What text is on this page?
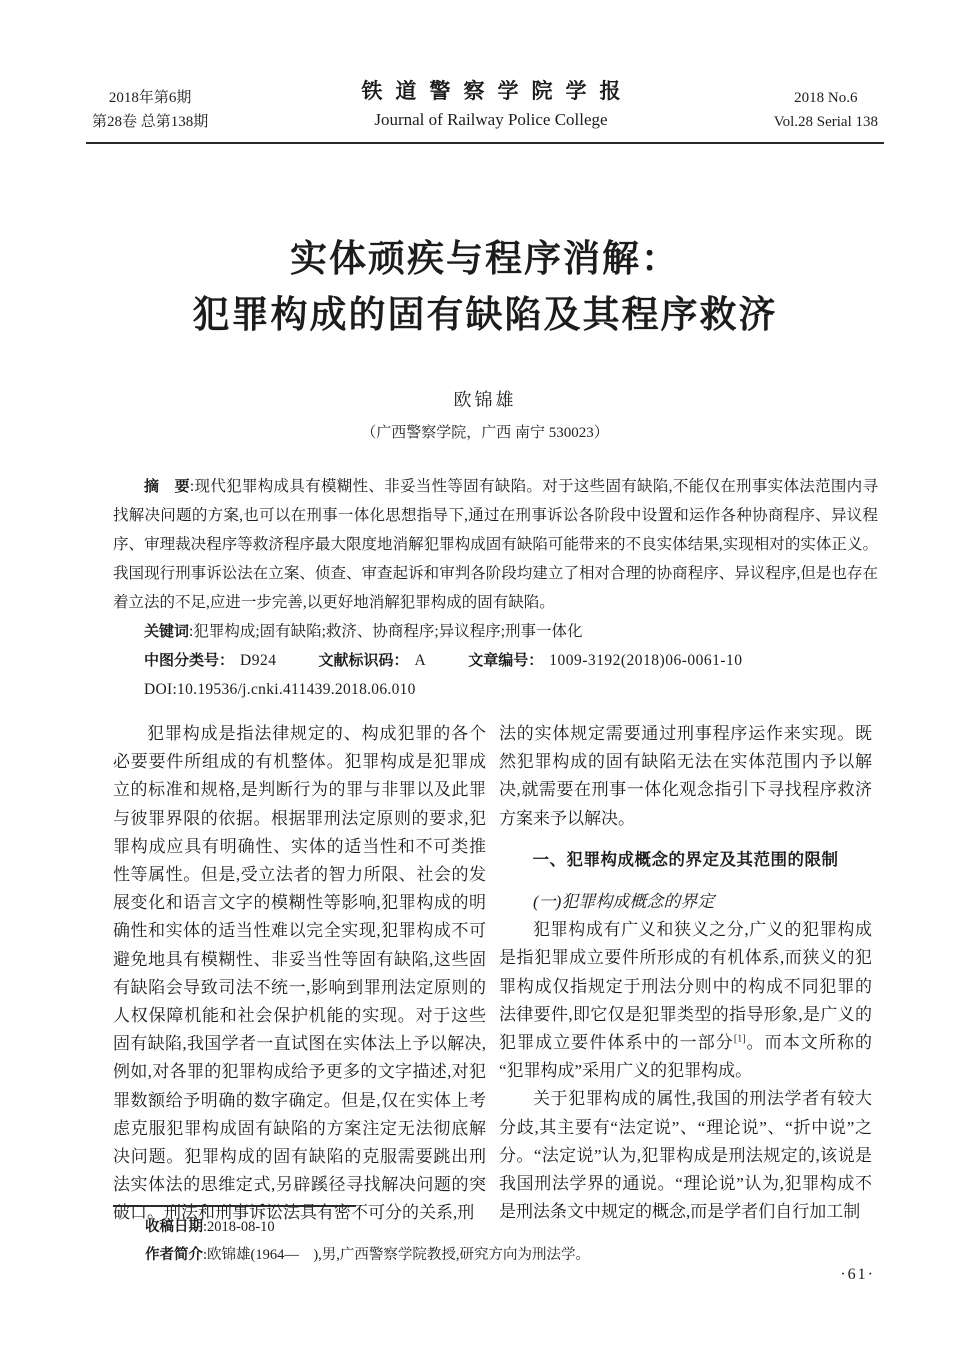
2018年第6期
第28卷 总第138期
铁道警察学院学报
Journal of Railway Police College
2018 No.6
Vol.28 Serial 138
实体顽疾与程序消解：
犯罪构成的固有缺陷及其程序救济
欧锦雄
（广西警察学院，广西 南宁 530023）

摘　要:现代犯罪构成具有模糊性、非妥当性等固有缺陷。对于这些固有缺陷,不能仅在刑事实体法范围内寻找解决问题的方案,也可以在刑事一体化思想指导下,通过在刑事诉讼各阶段中设置和运作各种协商程序、异议程序、审理裁决程序等救济程序最大限度地消解犯罪构成固有缺陷可能带来的不良实体结果,实现相对的实体正义。我国现行刑事诉讼法在立案、侦查、审查起诉和审判各阶段均建立了相对合理的协商程序、异议程序,但是也存在着立法的不足,应进一步完善,以更好地消解犯罪构成的固有缺陷。

关键词:犯罪构成;固有缺陷;救济、协商程序;异议程序;刑事一体化

中图分类号： D924	文献标识码： A	文章编号： 1009-3192(2018)06-0061-10

DOI:10.19536/j.cnki.411439.2018.06.010

犯罪构成是指法律规定的、构成犯罪的各个必要要件所组成的有机整体。犯罪构成是犯罪成立的标准和规格,是判断行为的罪与非罪以及此罪与彼罪界限的依据。根据罪刑法定原则的要求,犯罪构成应具有明确性、实体的适当性和不可类推性等属性。但是,受立法者的智力所限、社会的发展变化和语言文字的模糊性等影响,犯罪构成的明确性和实体的适当性难以完全实现,犯罪构成不可避免地具有模糊性、非妥当性等固有缺陷,这些固有缺陷会导致司法不统一,影响到罪刑法定原则的人权保障机能和社会保护机能的实现。对于这些固有缺陷,我国学者一直试图在实体法上予以解决,例如,对各罪的犯罪构成给予更多的文字描述,对犯罪数额给予明确的数字确定。但是,仅在实体上考虑克服犯罪构成固有缺陷的方案注定无法彻底解决问题。犯罪构成的固有缺陷的克服需要跳出刑法实体法的思维定式,另辟蹊径寻找解决问题的突破口。刑法和刑事诉讼法具有密不可分的关系,刑

法的实体规定需要通过刑事程序运作来实现。既然犯罪构成的固有缺陷无法在实体范围内予以解决,就需要在刑事一体化观念指引下寻找程序救济方案来予以解决。

一、犯罪构成概念的界定及其范围的限制

(一)犯罪构成概念的界定

犯罪构成有广义和狭义之分,广义的犯罪构成是指犯罪成立要件所形成的有机体系,而狭义的犯罪构成仅指规定于刑法分则中的构成不同犯罪的法律要件,即它仅是犯罪类型的指导形象,是广义的犯罪成立要件体系中的一部分[1]。而本文所称的“犯罪构成”采用广义的犯罪构成。

关于犯罪构成的属性,我国的刑法学者有较大分歧,其主要有“法定说”、“理论说”、“折中说”之分。“法定说”认为,犯罪构成是刑法规定的,该说是我国刑法学界的通说。“理论说”认为,犯罪构成不是刑法条文中规定的概念,而是学者们自行加工制

收稿日期:2018-08-10

作者简介:欧锦雄(1964—　),男,广西警察学院教授,研究方向为刑法学。

·61·
